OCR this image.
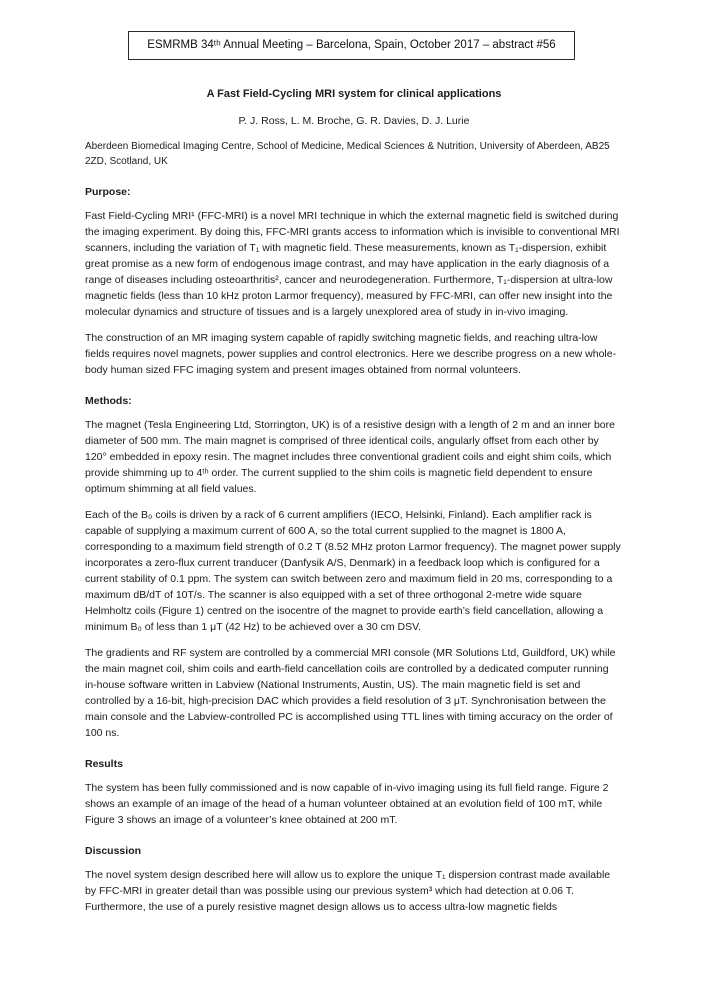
ESMRMB 34ᵗʰ Annual Meeting – Barcelona, Spain, October 2017 – abstract #56
A Fast Field-Cycling MRI system for clinical applications
P. J. Ross, L. M. Broche, G. R. Davies, D. J. Lurie
Aberdeen Biomedical Imaging Centre, School of Medicine, Medical Sciences & Nutrition, University of Aberdeen, AB25 2ZD, Scotland, UK
Purpose:

Fast Field-Cycling MRI¹ (FFC-MRI) is a novel MRI technique in which the external magnetic field is switched during the imaging experiment. By doing this, FFC-MRI grants access to information which is invisible to conventional MRI scanners, including the variation of T₁ with magnetic field. These measurements, known as T₁-dispersion, exhibit great promise as a new form of endogenous image contrast, and may have application in the early diagnosis of a range of diseases including osteoarthritis², cancer and neurodegeneration. Furthermore, T₁-dispersion at ultra-low magnetic fields (less than 10 kHz proton Larmor frequency), measured by FFC-MRI, can offer new insight into the molecular dynamics and structure of tissues and is a largely unexplored area of study in in-vivo imaging.

The construction of an MR imaging system capable of rapidly switching magnetic fields, and reaching ultra-low fields requires novel magnets, power supplies and control electronics. Here we describe progress on a new whole-body human sized FFC imaging system and present images obtained from normal volunteers.

Methods:

The magnet (Tesla Engineering Ltd, Storrington, UK) is of a resistive design with a length of 2 m and an inner bore diameter of 500 mm. The main magnet is comprised of three identical coils, angularly offset from each other by 120° embedded in epoxy resin. The magnet includes three conventional gradient coils and eight shim coils, which provide shimming up to 4ᵗʰ order. The current supplied to the shim coils is magnetic field dependent to ensure optimum shimming at all field values.

Each of the B₀ coils is driven by a rack of 6 current amplifiers (IECO, Helsinki, Finland). Each amplifier rack is capable of supplying a maximum current of 600 A, so the total current supplied to the magnet is 1800 A, corresponding to a maximum field strength of 0.2 T (8.52 MHz proton Larmor frequency). The magnet power supply incorporates a zero-flux current tranducer (Danfysik A/S, Denmark) in a feedback loop which is configured for a current stability of 0.1 ppm. The system can switch between zero and maximum field in 20 ms, corresponding to a maximum dB/dT of 10T/s. The scanner is also equipped with a set of three orthogonal 2-metre wide square Helmholtz coils (Figure 1) centred on the isocentre of the magnet to provide earth’s field cancellation, allowing a minimum B₀ of less than 1 μT (42 Hz) to be achieved over a 30 cm DSV.

The gradients and RF system are controlled by a commercial MRI console (MR Solutions Ltd, Guildford, UK) while the main magnet coil, shim coils and earth-field cancellation coils are controlled by a dedicated computer running in-house software written in Labview (National Instruments, Austin, US). The main magnetic field is set and controlled by a 16-bit, high-precision DAC which provides a field resolution of 3 μT. Synchronisation between the main console and the Labview-controlled PC is accomplished using TTL lines with timing accuracy on the order of 100 ns.

Results

The system has been fully commissioned and is now capable of in-vivo imaging using its full field range. Figure 2 shows an example of an image of the head of a human volunteer obtained at an evolution field of 100 mT, while Figure 3 shows an image of a volunteer’s knee obtained at 200 mT.

Discussion

The novel system design described here will allow us to explore the unique T₁ dispersion contrast made available by FFC-MRI in greater detail than was possible using our previous system³ which had detection at 0.06 T. Furthermore, the use of a purely resistive magnet design allows us to access ultra-low magnetic fields
